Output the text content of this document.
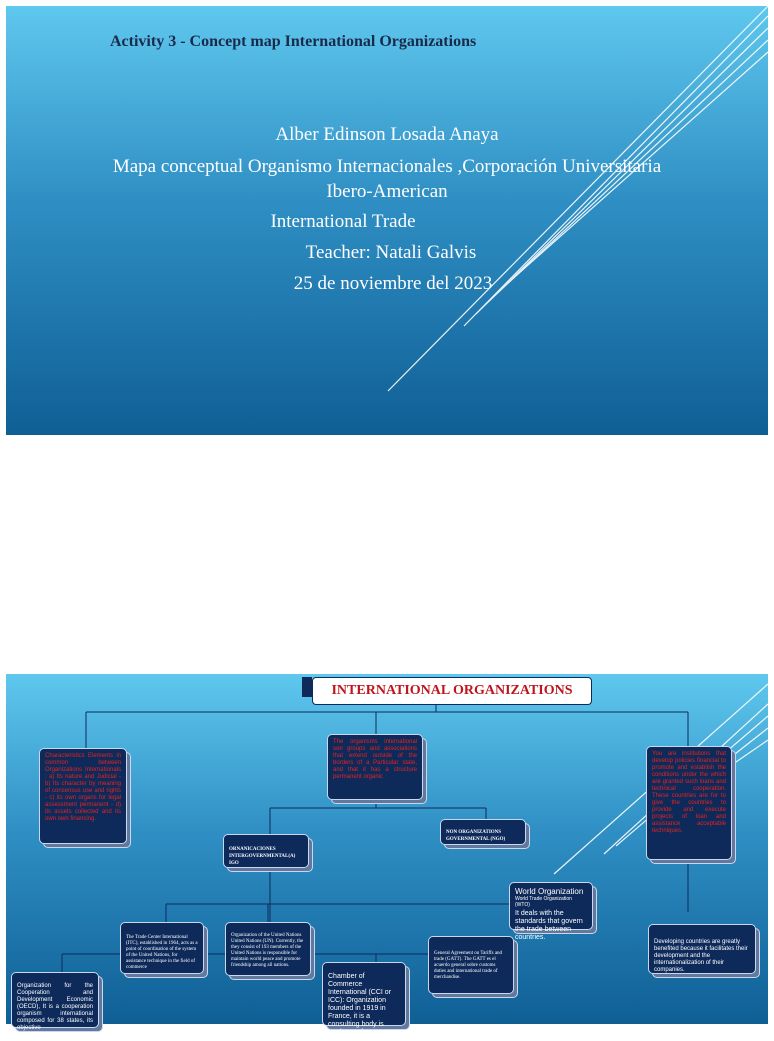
Activity 3 - Concept map International Organizations
Alber Edinson Losada Anaya
Mapa conceptual Organismo Internacionales ,Corporación Universitaria
Ibero-American
International Trade
Teacher: Natali Galvis
25 de noviembre del 2023
INTERNATIONAL ORGANIZATIONS
The organisms international son groups and associations that extend outside of the borders of a Particular state, and that it has a structure permanent organic
Characteristics Elements in common between Organizations Internationals : a) Its nature and Judicial - b) Its character by meaning of consensus use and rights - c) its own organs for legal assessment permanent - d) its assets collected and its own own financing.
You are institutions that develop policies financial to promote and establish the conditions under the which are granted such loans and technical cooperation. These countries are for to give the countries to provide and execute projects of loan and assistance acceptable techniques.
ORNANICACIONES INTERGOVERNMENTAL(A) IGO
NON ORGANIZATIONS GOVERNMENTAL (NGO)
World Organization
World Trade Organization (WTO)
It deals with the standards that govern the trade between countries.
The Trade Center International (ITC), established in 1964, acts as a point of coordination of the system of the United Nations, for assistance technique in the field of commerce
Organization of the United Nations United Nations (UN). Currently, the they consist of 193 members of the United Nations is responsible for maintain world peace and promote friendship among all nations.
General Agreement on Tariffs and trade (GATT). The GATT es el acuerdo general sobre customs duties and international trade of merchandise.
Chamber of Commerce International (CCI or ICC): Organization founded in 1919 in France, it is a consulting body is made up of
Organization for the Cooperation and Development Economic (OECD), It is a cooperation organism international composed for 38 states, its objective
Developing countries are greatly benefited because it facilitates their development and the internationalization of their companies.
